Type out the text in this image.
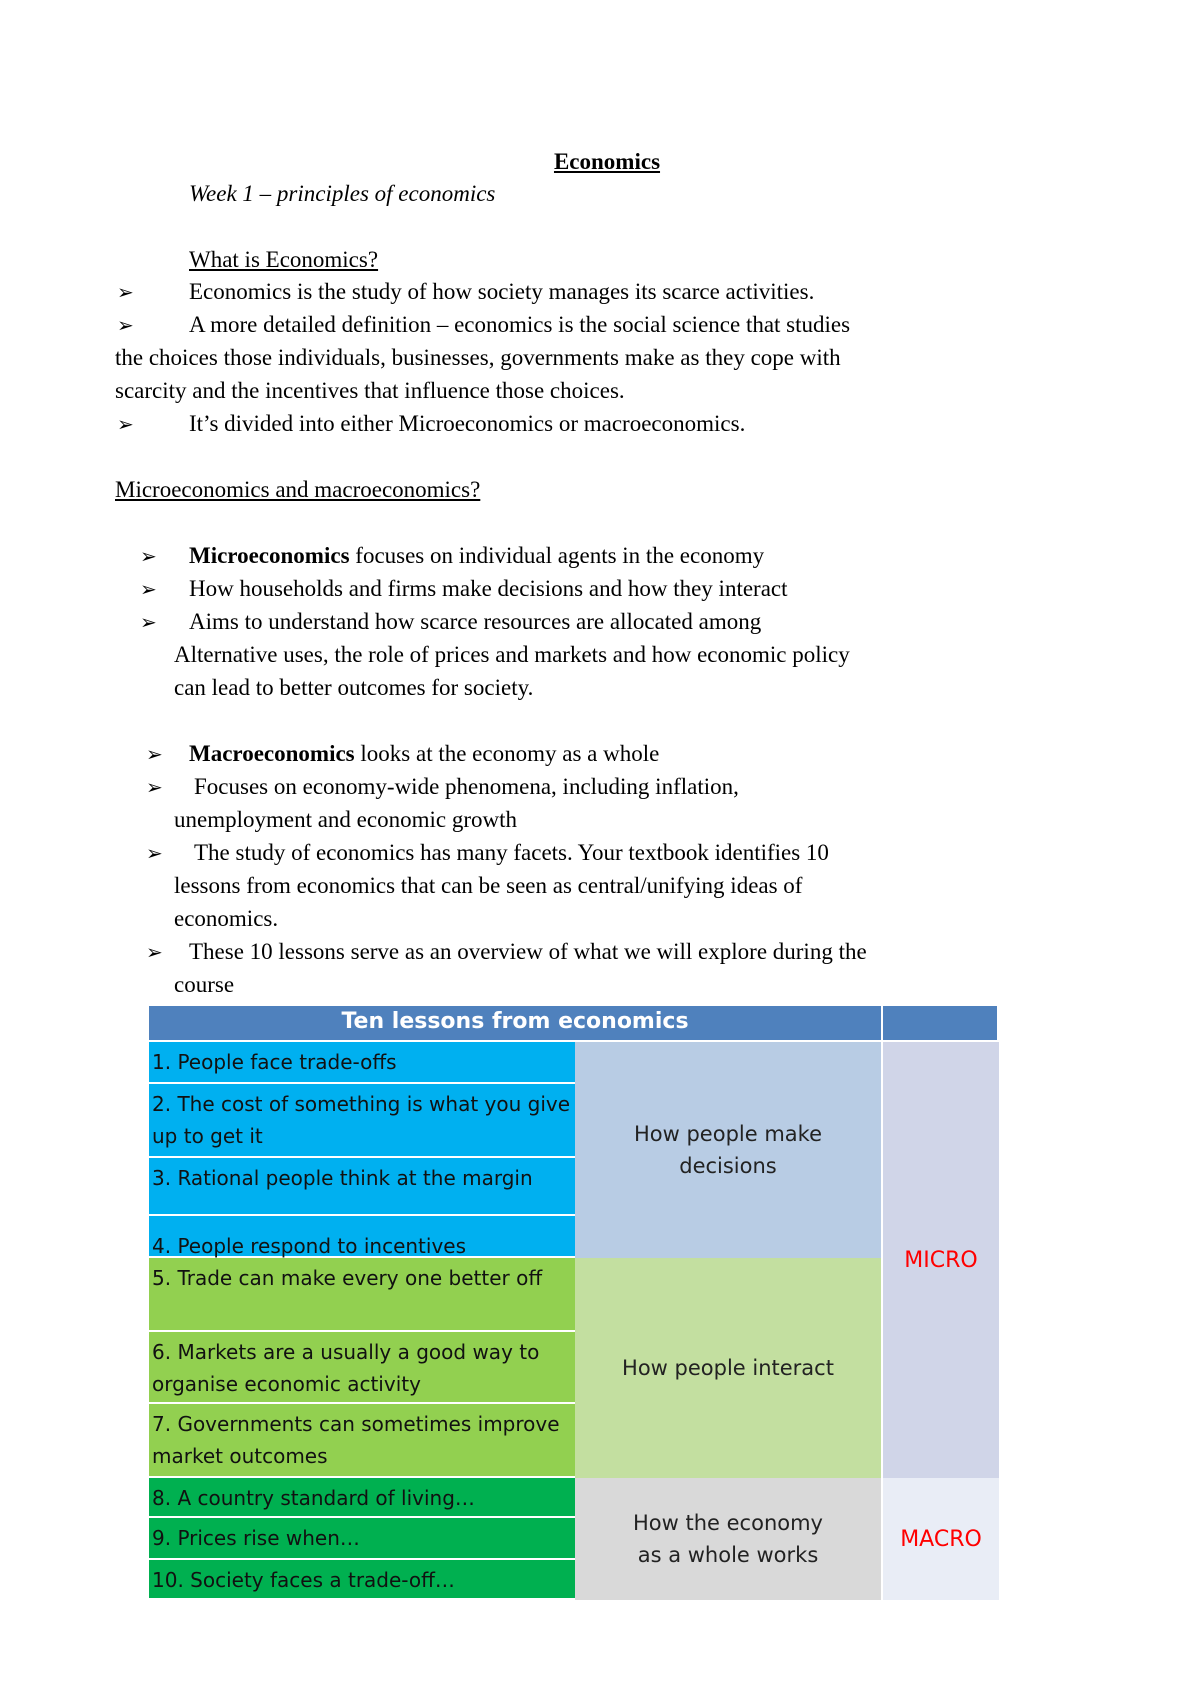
Economics
Week 1 – principles of economics
What is Economics?
➢ Economics is the study of how society manages its scarce activities.
➢ A more detailed definition – economics is the social science that studies
the choices those individuals, businesses, governments make as they cope with
scarcity and the incentives that influence those choices.
➢ It’s divided into either Microeconomics or macroeconomics.
Microeconomics and macroeconomics?
➢ Microeconomics focuses on individual agents in the economy
➢ How households and firms make decisions and how they interact
➢ Aims to understand how scarce resources are allocated among
Alternative uses, the role of prices and markets and how economic policy
can lead to better outcomes for society.
➢ Macroeconomics looks at the economy as a whole
➢ Focuses on economy-wide phenomena, including inflation,
unemployment and economic growth
➢ The study of economics has many facets. Your textbook identifies 10
lessons from economics that can be seen as central/unifying ideas of
economics.
➢ These 10 lessons serve as an overview of what we will explore during the
course
Ten lessons from economics
1. People face trade-offs
2. The cost of something is what you give up to get it
3. Rational people think at the margin
4. People respond to incentives
5. Trade can make every one better off
6. Markets are a usually a good way to organise economic activity
7. Governments can sometimes improve market outcomes
8. A country standard of living…
9. Prices rise when…
10. Society faces a trade-off…
How people make decisions
How people interact
How the economy as a whole works
MICRO
MACRO
